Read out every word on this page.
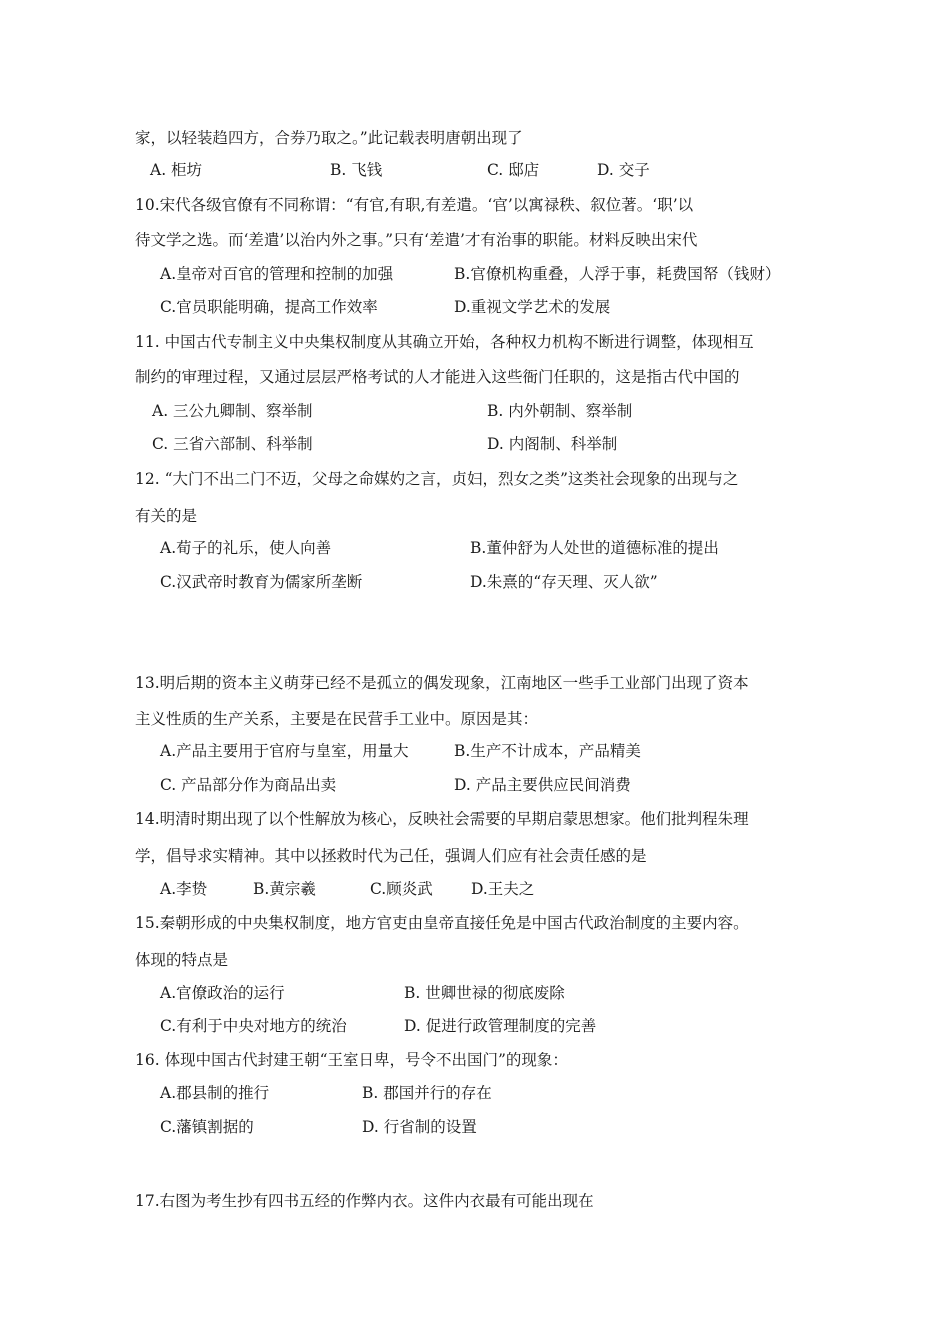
家，以轻装趋四方，合券乃取之。”此记载表明唐朝出现了
A. 柜坊	B. 飞钱	C. 邸店	D. 交子
10.宋代各级官僚有不同称谓：“有官,有职,有差遣。‘官’以寓禄秩、叙位著。‘职’以
待文学之选。而‘差遣’以治内外之事。”只有‘差遣’才有治事的职能。材料反映出宋代
A.皇帝对百官的管理和控制的加强	B.官僚机构重叠，人浮于事，耗费国帑（钱财）
C.官员职能明确，提高工作效率	D.重视文学艺术的发展
11. 中国古代专制主义中央集权制度从其确立开始，各种权力机构不断进行调整，体现相互
制约的审理过程，又通过层层严格考试的人才能进入这些衙门任职的，这是指古代中国的
A. 三公九卿制、察举制	B. 内外朝制、察举制
C. 三省六部制、科举制	D. 内阁制、科举制
12. “大门不出二门不迈，父母之命媒妁之言，贞妇，烈女之类”这类社会现象的出现与之
有关的是
A.荀子的礼乐，使人向善	B.董仲舒为人处世的道德标准的提出
C.汉武帝时教育为儒家所垄断	D.朱熹的“存天理、灭人欲”
13.明后期的资本主义萌芽已经不是孤立的偶发现象，江南地区一些手工业部门出现了资本
主义性质的生产关系，主要是在民营手工业中。原因是其：
A.产品主要用于官府与皇室，用量大	B.生产不计成本，产品精美
C. 产品部分作为商品出卖	D. 产品主要供应民间消费
14.明清时期出现了以个性解放为核心，反映社会需要的早期启蒙思想家。他们批判程朱理
学，倡导求实精神。其中以拯救时代为己任，强调人们应有社会责任感的是
A.李贽	B.黄宗羲	C.顾炎武 D.王夫之
15.秦朝形成的中央集权制度，地方官吏由皇帝直接任免是中国古代政治制度的主要内容。
体现的特点是
A.官僚政治的运行	B. 世卿世禄的彻底废除
C.有利于中央对地方的统治	D. 促进行政管理制度的完善
16. 体现中国古代封建王朝“王室日卑，号令不出国门”的现象：
A.郡县制的推行	B. 郡国并行的存在
C.藩镇割据的	D. 行省制的设置
17.右图为考生抄有四书五经的作弊内衣。这件内衣最有可能出现在
